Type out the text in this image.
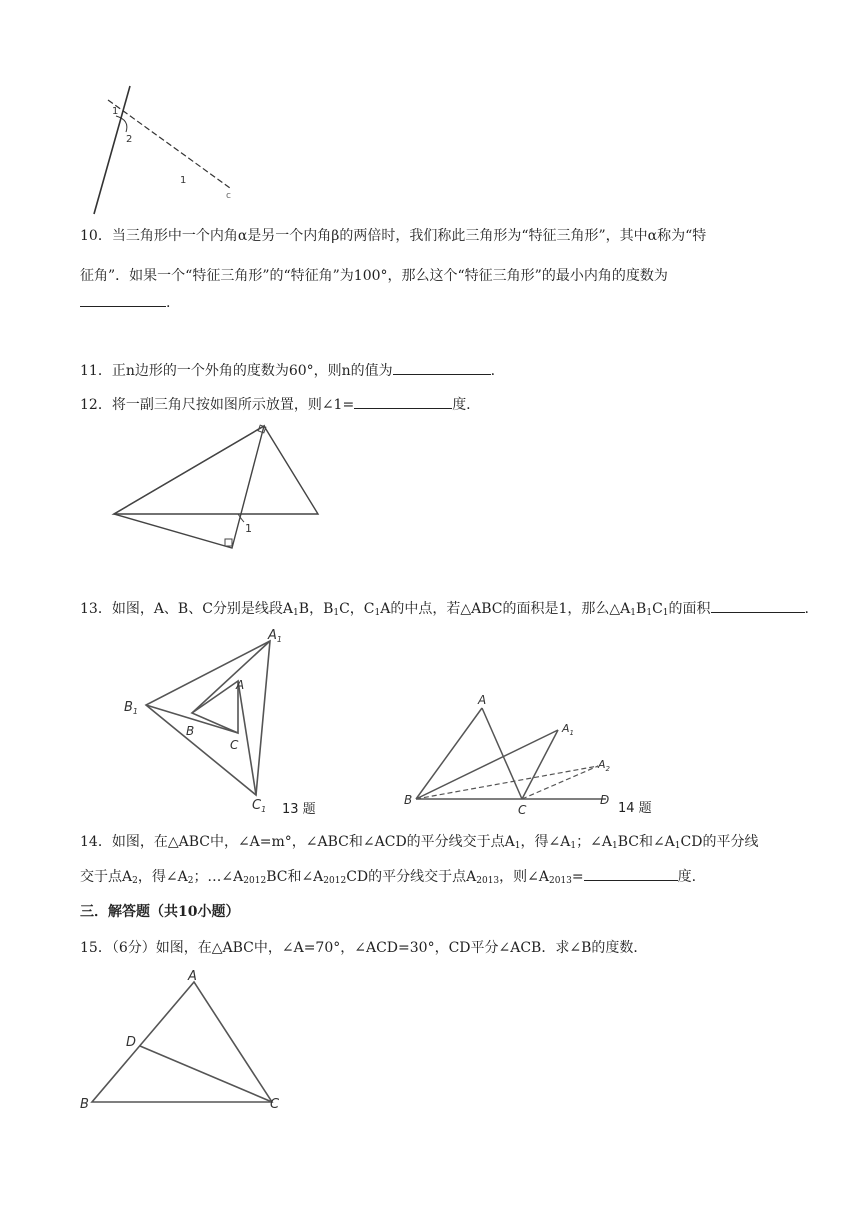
1
2
1
c
10．当三角形中一个内角α是另一个内角β的两倍时，我们称此三角形为“特征三角形”，其中α称为“特
征角”．如果一个“特征三角形”的“特征角”为100°，那么这个“特征三角形”的最小内角的度数为
.
11．正n边形的一个外角的度数为60°，则n的值为	.
12．将一副三角尺按如图所示放置，则∠1=	度.
1
13．如图，A、B、C分别是线段$A_1B$，$B_1C$，$C_1A$的中点，若△ABC的面积是1，那么$\triangle A_1B_1C_1$的面积	.
$A_1$
$B_1$
$C_1$
A
B
C
13 题
A
B
C
D
$A_1$
$A_2$
14 题
14．如图，在△ABC中，∠A=m°，∠ABC和∠ACD的平分线交于点$A_1$，得$\angle A_1$；$\angle A_1BC$和$\angle A_1CD$的平分线
交于点$A_2$，得$\angle A_2$；$\dots\angle A_{2012}BC$和$\angle A_{2012}CD$的平分线交于点$A_{2013}$，则$\angle A_{2013}=$	度.
三．解答题（共10小题）
15．（6分）如图，在△ABC中，∠A=70°，∠ACD=30°，CD平分∠ACB．求∠B的度数．
A
B	C
D
